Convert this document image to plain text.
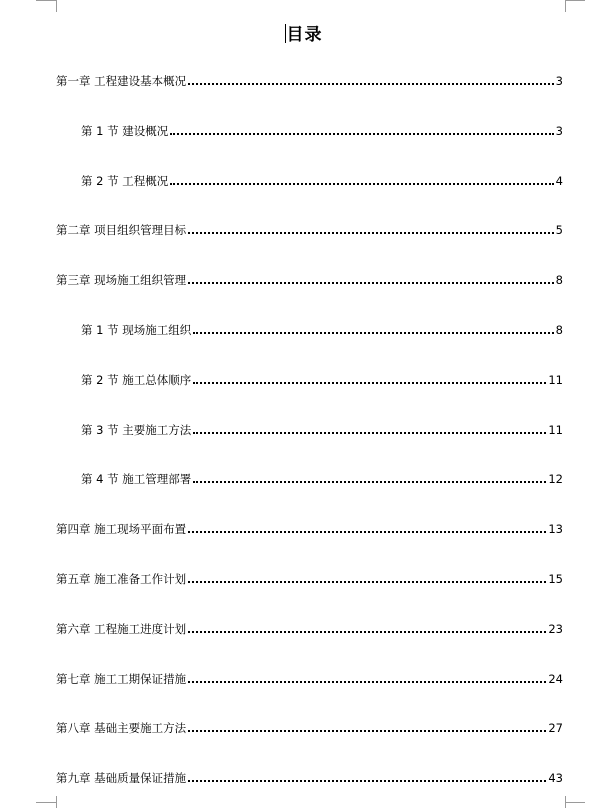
目录
第一章 工程建设基本概况	3
第 1 节 建设概况	3
第 2 节 工程概况	4
第二章 项目组织管理目标	5
第三章 现场施工组织管理	8
第 1 节 现场施工组织	8
第 2 节 施工总体顺序	11
第 3 节 主要施工方法	11
第 4 节 施工管理部署	12
第四章 施工现场平面布置	13
第五章 施工准备工作计划	15
第六章 工程施工进度计划	23
第七章 施工工期保证措施	24
第八章 基础主要施工方法	27
第九章 基础质量保证措施	43
